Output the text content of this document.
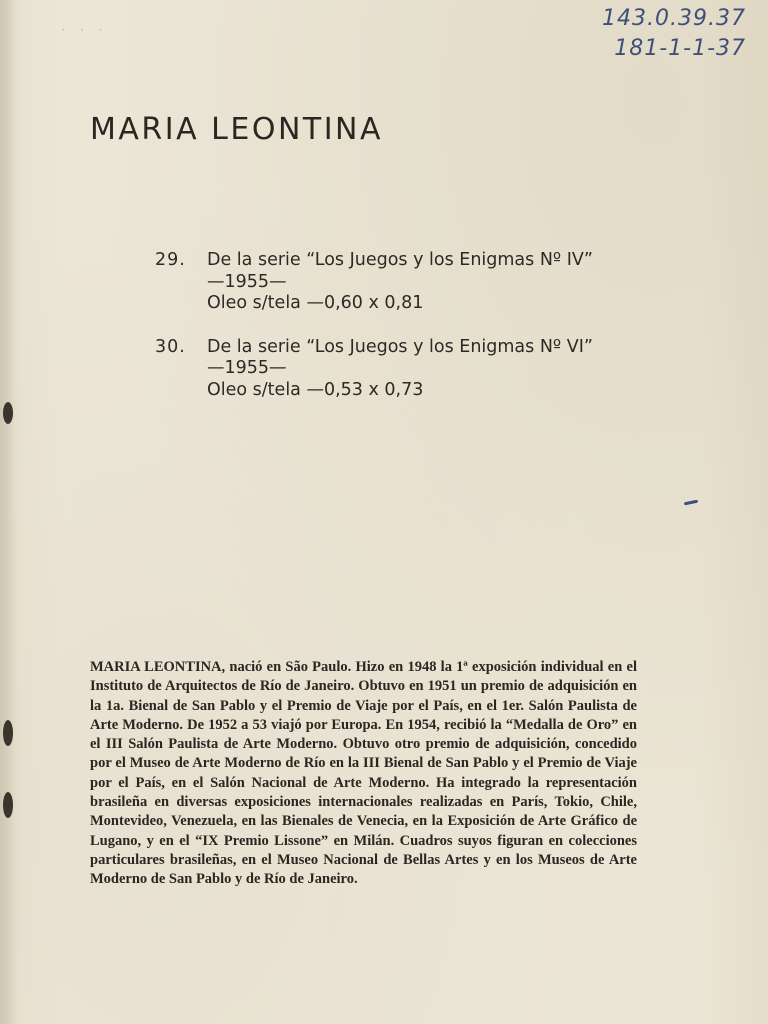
· · ·	143.0.39.37
181-1-1-37
MARIA LEONTINA
29.	De la serie “Los Juegos y los Enigmas Nº IV”
—1955—
Oleo s/tela —0,60 x 0,81
30.	De la serie “Los Juegos y los Enigmas Nº VI”
—1955—
Oleo s/tela —0,53 x 0,73
MARIA LEONTINA, nació en São Paulo. Hizo en 1948 la 1ª exposición individual en el Instituto de Arquitectos de Río de Janeiro. Obtuvo en 1951 un premio de adquisición en la 1a. Bienal de San Pablo y el Premio de Viaje por el País, en el 1er. Salón Paulista de Arte Moderno. De 1952 a 53 viajó por Europa. En 1954, recibió la “Medalla de Oro” en el III Salón Paulista de Arte Moderno. Obtuvo otro premio de adquisición, concedido por el Museo de Arte Moderno de Río en la III Bienal de San Pablo y el Premio de Viaje por el País, en el Salón Nacional de Arte Moderno. Ha integrado la representación brasileña en diversas exposiciones internacionales realizadas en París, Tokio, Chile, Montevideo, Venezuela, en las Bienales de Venecia, en la Exposición de Arte Gráfico de Lugano, y en el “IX Premio Lissone” en Milán. Cuadros suyos figuran en colecciones particulares brasileñas, en el Museo Nacional de Bellas Artes y en los Museos de Arte Moderno de San Pablo y de Río de Janeiro.
